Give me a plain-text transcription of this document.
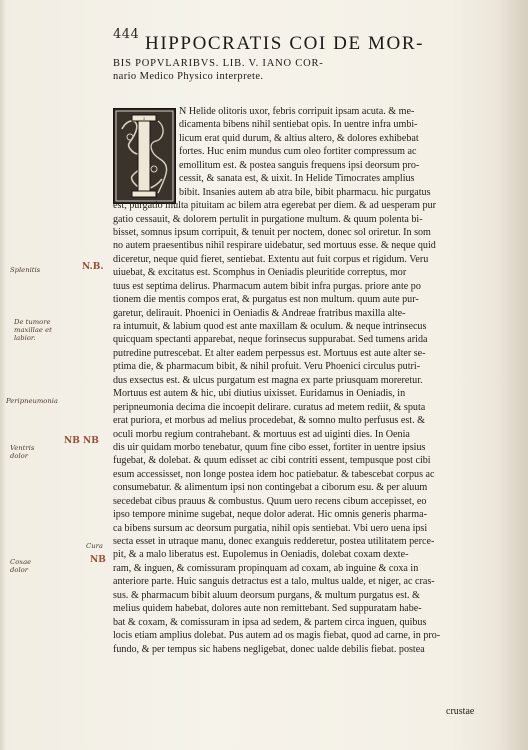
444 HIPPOCRATIS COI DE MOR-
BIS POPVLARIBVS. LIB. V. IANO COR-
nario Medico Physico interprete.
I
N Helide olitoris uxor, febris corripuit ipsam acuta. & me-
dicamenta bibens nihil sentiebat opis. In uentre infra umbi-
licum erat quid durum, & altius altero, & dolores exhibebat
fortes. Huc enim mundus cum oleo fortiter compressum ac
emollitum est. & postea sanguis frequens ipsi deorsum pro-
cessit, & sanata est, & uixit. In Helide Timocrates amplius
bibit. Insanies autem ab atra bile, bibit pharmacu. hic purgatus
est, purgatio multa pituitam ac bilem atra egerebat per diem. & ad uesperam pur
gatio cessauit, & dolorem pertulit in purgatione multum. & quum polenta bi-
bisset, somnus ipsum corripuit, & tenuit per noctem, donec sol oriretur. In som
no autem praesentibus nihil respirare uidebatur, sed mortuus esse. & neque quid
diceretur, neque quid fieret, sentiebat. Extentu aut fuit corpus et rigidum. Veru
uiuebat, & excitatus est. Scomphus in Oeniadis pleuritide correptus, mor
tuus est septima delirus. Pharmacum autem bibit infra purgas. priore ante po
tionem die mentis compos erat, & purgatus est non multum. quum aute pur-
garetur, delirauit. Phoenici in Oeniadis & Andreae fratribus maxilla alte-
ra intumuit, & labium quod est ante maxillam & oculum. & neque intrinsecus
quicquam spectanti apparebat, neque forinsecus suppurabat. Sed tumens arida
putredine putrescebat. Et alter eadem perpessus est. Mortuus est aute alter se-
ptima die, & pharmacum bibit, & nihil profuit. Veru Phoenici circulus putri-
dus exsectus est. & ulcus purgatum est magna ex parte priusquam moreretur.
Mortuus est autem & hic, ubi diutius uixisset. Euridamus in Oeniadis, in
peripneumonia decima die incoepit delirare. curatus ad metem rediit, & sputa
erat puriora, et morbus ad melius procedebat, & somno multo perfusus est. &
oculi morbu regium contrahebant. & mortuus est ad uiginti dies. In Oenia
dis uir quidam morbo tenebatur, quum fine cibo esset, fortiter in uentre ipsius
fugebat, & dolebat. & quum edisset ac cibi contriti essent, tempusque post cibi
esum accessisset, non longe postea idem hoc patiebatur. & tabescebat corpus ac
consumebatur. & alimentum ipsi non contingebat a ciborum esu. & per aluum
secedebat cibus prauus & combustus. Quum uero recens cibum accepisset, eo
ipso tempore minime sugebat, neque dolor aderat. Hic omnis generis pharma-
ca bibens sursum ac deorsum purgatia, nihil opis sentiebat. Vbi uero uena ipsi
secta esset in utraque manu, donec exanguis redderetur, postea utilitatem perce-
pit, & a malo liberatus est. Eupolemus in Oeniadis, dolebat coxam dexte-
ram, & inguen, & comissuram propinquam ad coxam, ab inguine & coxa in
anteriore parte. Huic sanguis detractus est a talo, multus ualde, et niger, ac cras-
sus. & pharmacum bibit aluum deorsum purgans, & multum purgatus est. &
melius quidem habebat, dolores aute non remittebant. Sed suppuratam habe-
bat & coxam, & comissuram in ipsa ad sedem, & partem circa inguen, quibus
locis etiam amplius dolebat. Pus autem ad os magis fiebat, quod ad carne, in pro-
fundo, & per tempus sic habens negligebat, donec ualde debilis fiebat. postea
crustae
Splenitis	N.B.
De tumore maxillae et labior.
Peripneumonia
NB NB
Ventris dolor
Cura
NB
Coxae dolor
